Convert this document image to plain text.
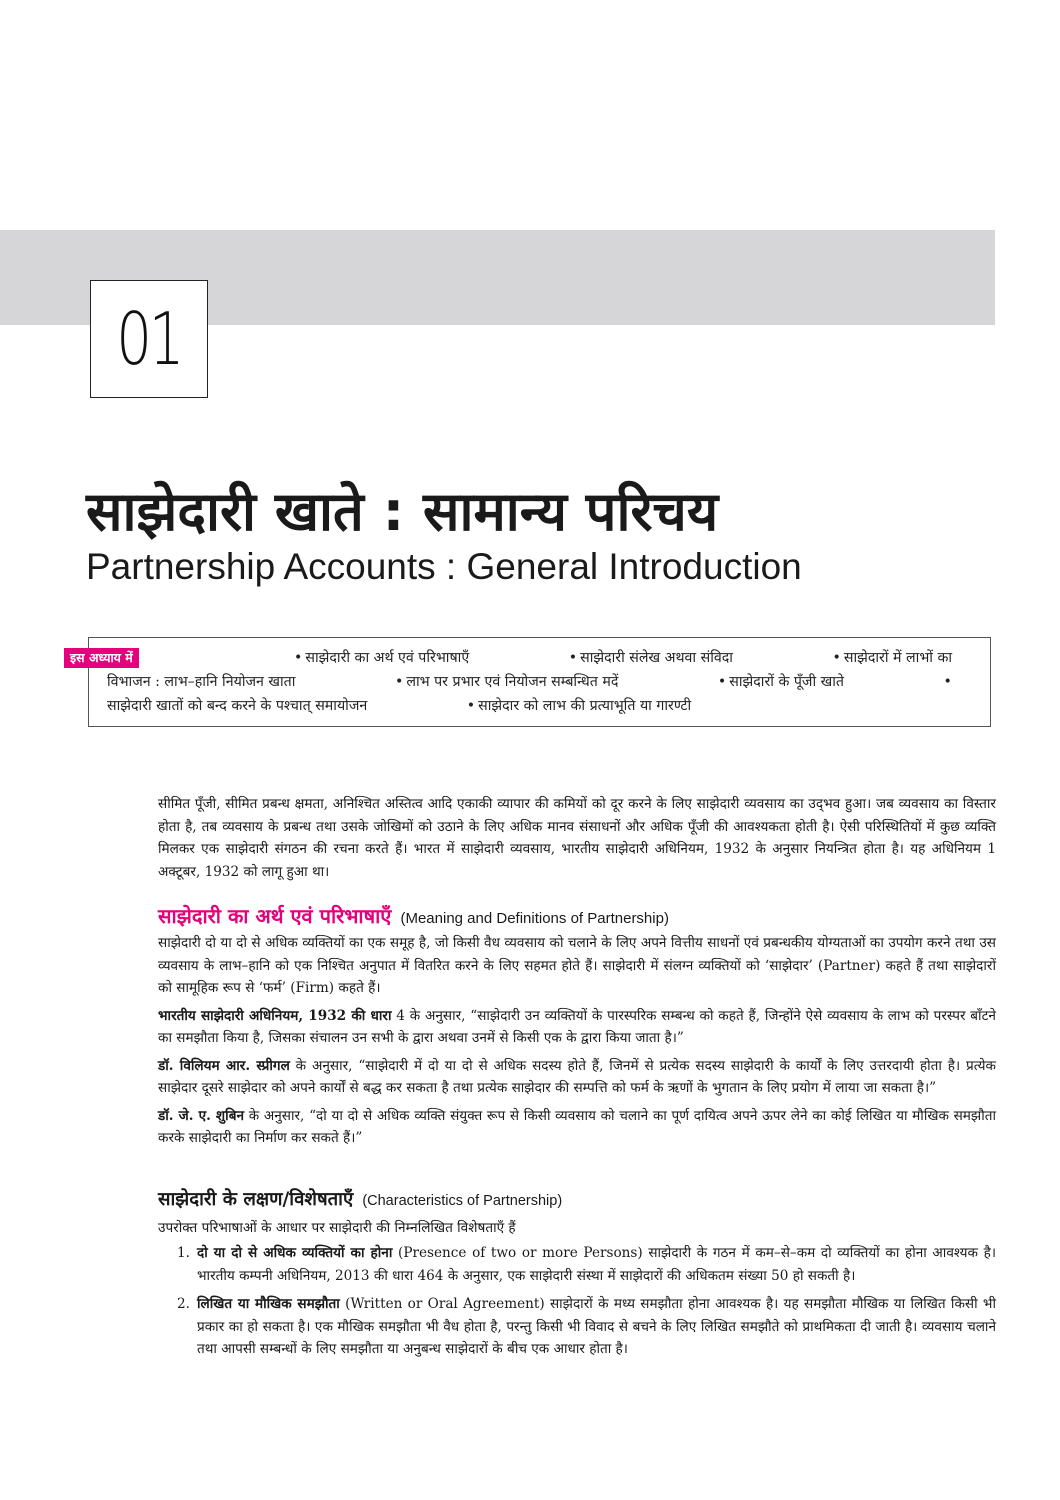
01
साझेदारी खाते : सामान्य परिचय
Partnership Accounts : General Introduction
• साझेदारी का अर्थ एवं परिभाषाएँ	• साझेदारी संलेख अथवा संविदा	• साझेदारों में लाभों का विभाजन : लाभ–हानि नियोजन खाता	• लाभ पर प्रभार एवं नियोजन सम्बन्धित मदें	• साझेदारों के पूँजी खाते	•साझेदारी खातों को बन्द करने के पश्चात् समायोजन	• साझेदार को लाभ की प्रत्याभूति या गारण्टी
इस अध्याय में
सीमित पूँजी, सीमित प्रबन्ध क्षमता, अनिश्चित अस्तित्व आदि एकाकी व्यापार की कमियों को दूर करने के लिए साझेदारी व्यवसाय का उद्‌भव हुआ। जब व्यवसाय का विस्तार होता है, तब व्यवसाय के प्रबन्ध तथा उसके जोखिमों को उठाने के लिए अधिक मानव संसाधनों और अधिक पूँजी की आवश्यकता होती है। ऐसी परिस्थितियों में कुछ व्यक्ति मिलकर एक साझेदारी संगठन की रचना करते हैं। भारत में साझेदारी व्यवसाय, भारतीय साझेदारी अधिनियम, 1932 के अनुसार नियन्त्रित होता है। यह अधिनियम 1 अक्टूबर, 1932 को लागू हुआ था।
साझेदारी का अर्थ एवं परिभाषाएँ (Meaning and Definitions of Partnership)

साझेदारी दो या दो से अधिक व्यक्तियों का एक समूह है, जो किसी वैध व्यवसाय को चलाने के लिए अपने वित्तीय साधनों एवं प्रबन्धकीय योग्यताओं का उपयोग करने तथा उस व्यवसाय के लाभ–हानि को एक निश्चित अनुपात में वितरित करने के लिए सहमत होते हैं। साझेदारी में संलग्न व्यक्तियों को ‘साझेदार’ (Partner) कहते हैं तथा साझेदारों को सामूहिक रूप से ‘फर्म’ (Firm) कहते हैं।

भारतीय साझेदारी अधिनियम, 1932 की धारा 4 के अनुसार, “साझेदारी उन व्यक्तियों के पारस्परिक सम्बन्ध को कहते हैं, जिन्होंने ऐसे व्यवसाय के लाभ को परस्पर बाँटने का समझौता किया है, जिसका संचालन उन सभी के द्वारा अथवा उनमें से किसी एक के द्वारा किया जाता है।”

डॉ. विलियम आर. स्प्रीगल के अनुसार, “साझेदारी में दो या दो से अधिक सदस्य होते हैं, जिनमें से प्रत्येक सदस्य साझेदारी के कार्यों के लिए उत्तरदायी होता है। प्रत्येक साझेदार दूसरे साझेदार को अपने कार्यों से बद्ध कर सकता है तथा प्रत्येक साझेदार की सम्पत्ति को फर्म के ऋणों के भुगतान के लिए प्रयोग में लाया जा सकता है।”

डॉ. जे. ए. शुबिन के अनुसार, “दो या दो से अधिक व्यक्ति संयुक्त रूप से किसी व्यवसाय को चलाने का पूर्ण दायित्व अपने ऊपर लेने का कोई लिखित या मौखिक समझौता करके साझेदारी का निर्माण कर सकते हैं।”

साझेदारी के लक्षण/विशेषताएँ (Characteristics of Partnership)
उपरोक्त परिभाषाओं के आधार पर साझेदारी की निम्नलिखित विशेषताएँ हैं
1. दो या दो से अधिक व्यक्तियों का होना (Presence of two or more Persons) साझेदारी के गठन में कम–से–कम दो व्यक्तियों का होना आवश्यक है। भारतीय कम्पनी अधिनियम, 2013 की धारा 464 के अनुसार, एक साझेदारी संस्था में साझेदारों की अधिकतम संख्या 50 हो सकती है।
2. लिखित या मौखिक समझौता (Written or Oral Agreement) साझेदारों के मध्य समझौता होना आवश्यक है। यह समझौता मौखिक या लिखित किसी भी प्रकार का हो सकता है। एक मौखिक समझौता भी वैध होता है, परन्तु किसी भी विवाद से बचने के लिए लिखित समझौते को प्राथमिकता दी जाती है। व्यवसाय चलाने तथा आपसी सम्बन्धों के लिए समझौता या अनुबन्ध साझेदारों के बीच एक आधार होता है।
